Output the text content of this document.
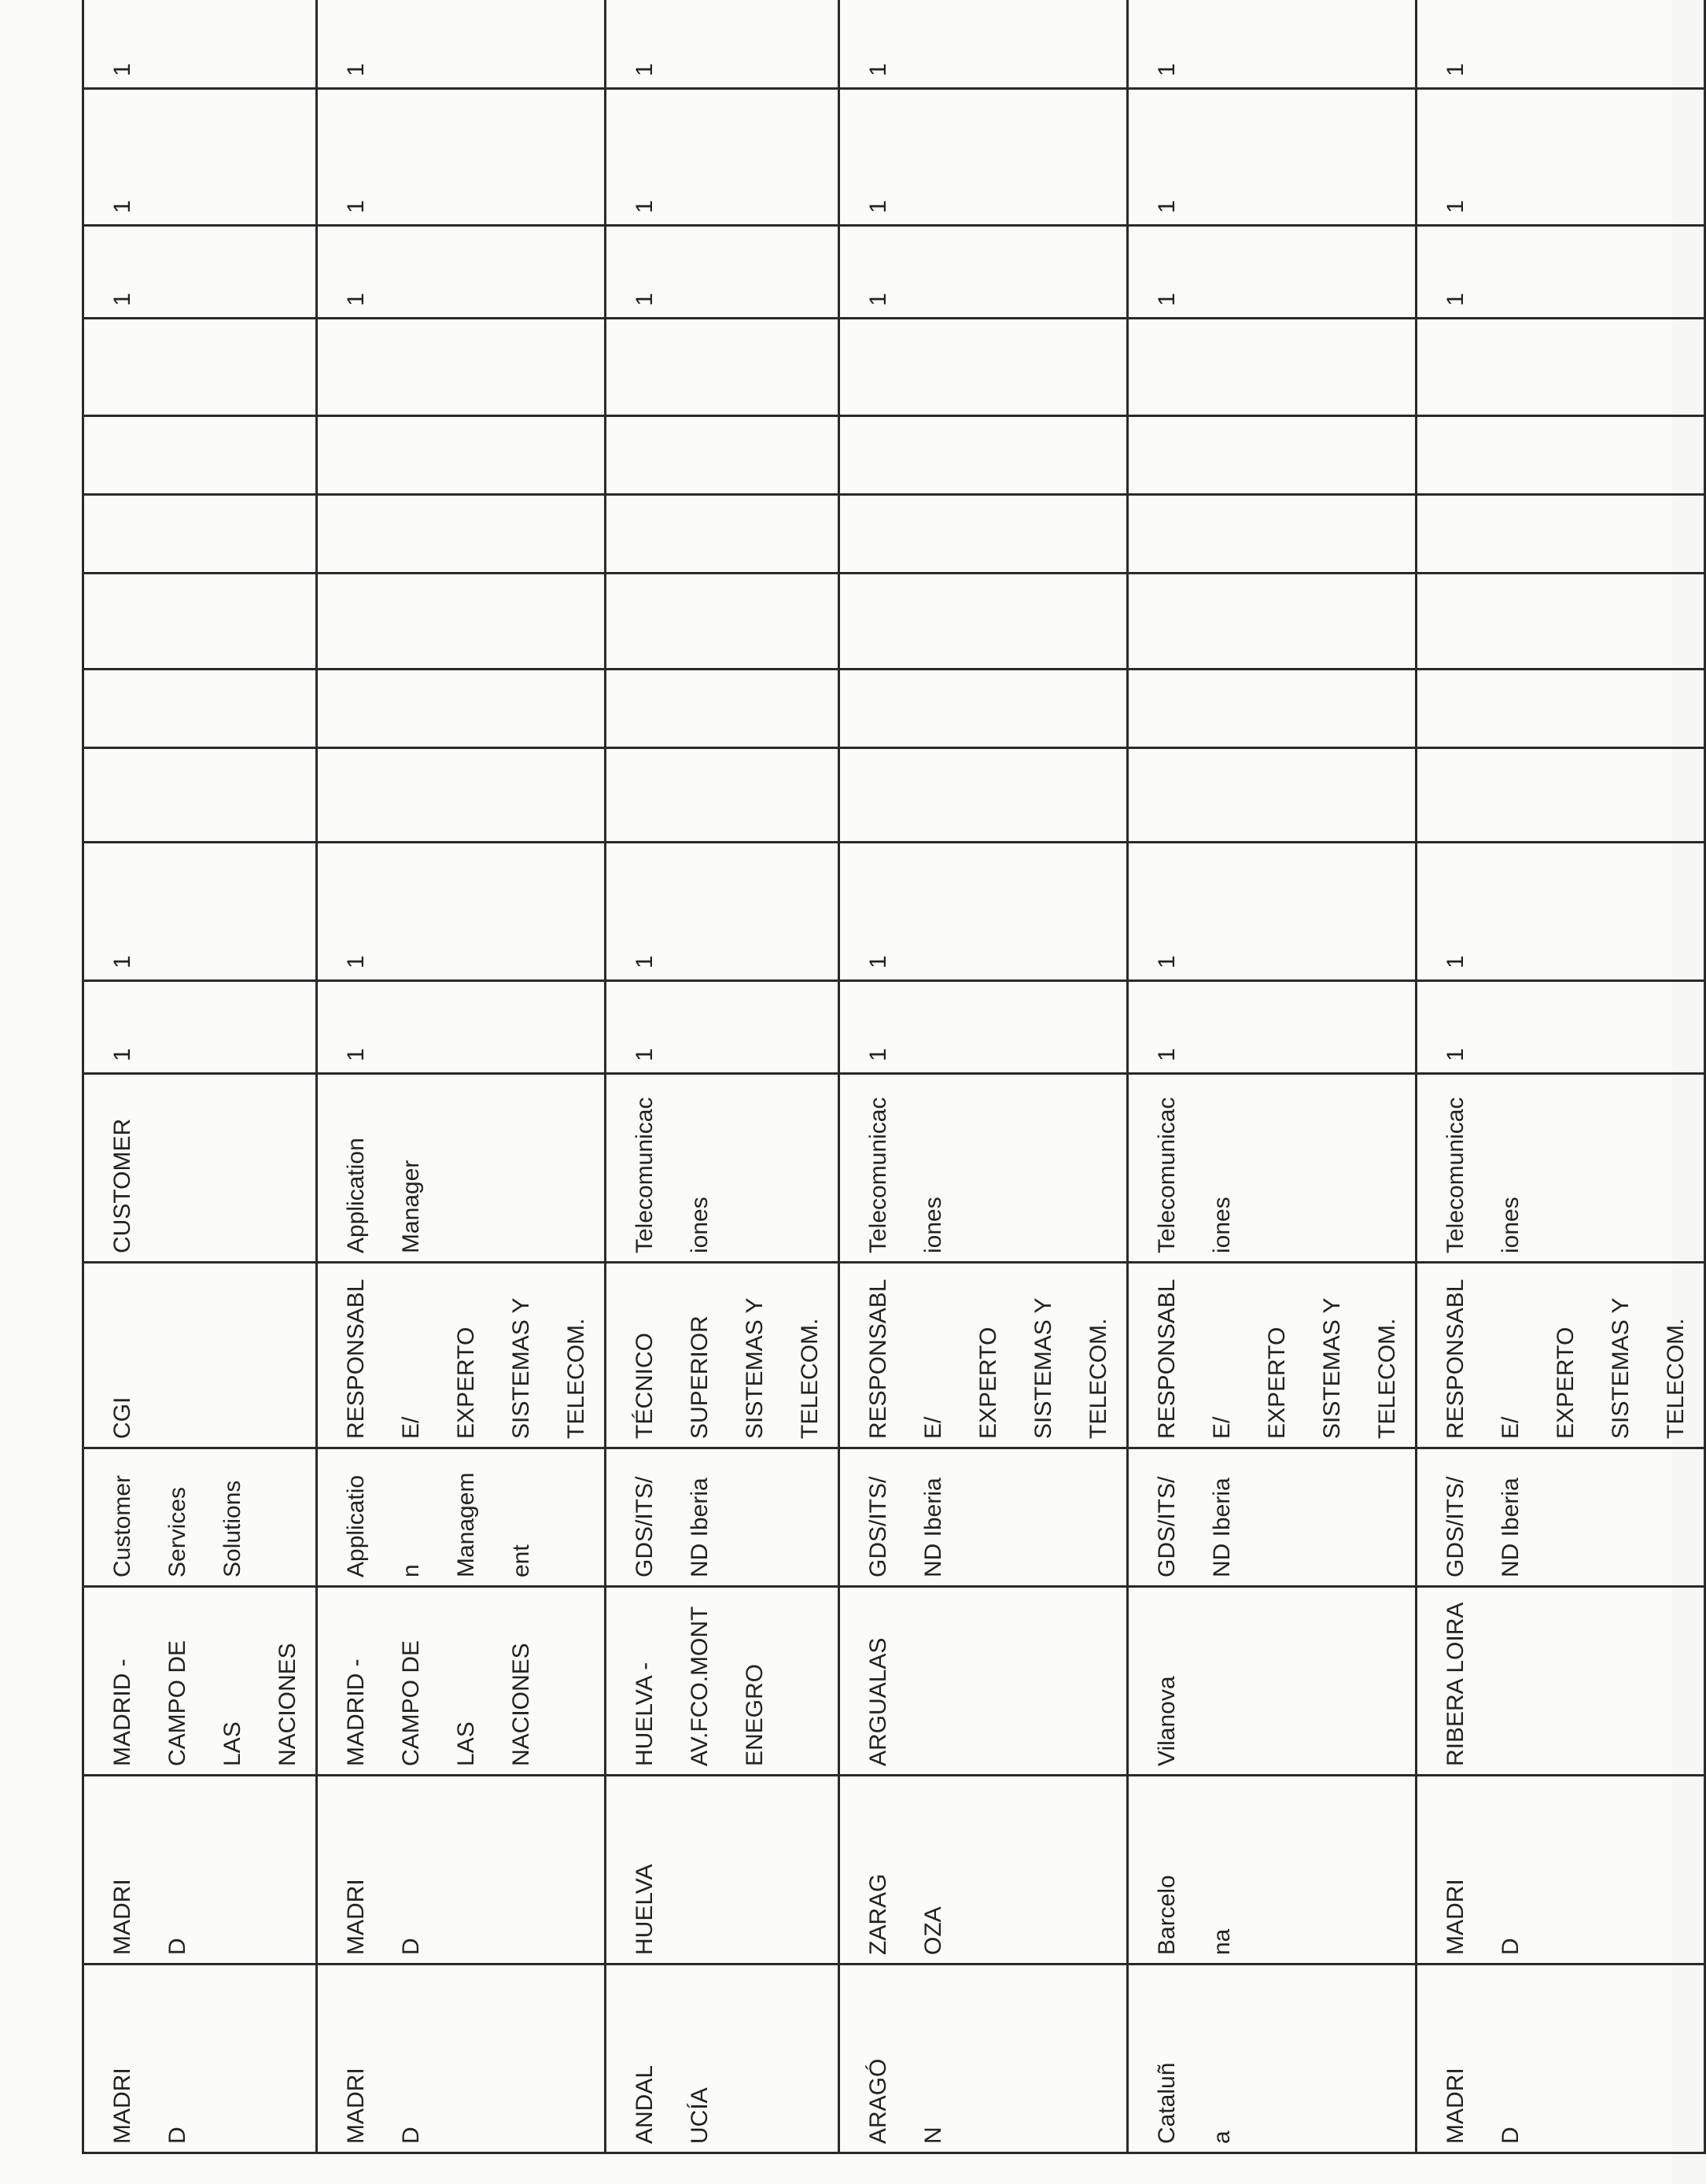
MADRI D	MADRI D	MADRID - CAMPO DE LAS NACIONES	Customer Services Solutions	CGI	CUSTOMER	1	1							1	1	1

MADRI D	MADRI D	MADRID - CAMPO DE LAS NACIONES	Applicatio n Managem ent	RESPONSABLE/ EXPERTO SISTEMAS Y TELECOM.	Application Manager	1	1							1	1	1

ANDAL UCÍA	HUELVA	HUELVA - AV.FCO.MONT ENEGRO	GDS/ITS/ ND Iberia	TÉCNICO SUPERIOR SISTEMAS Y TELECOM.	Telecomunicac iones	1	1							1	1	1

ARAGÓ N	ZARAG OZA	ARGUALAS	GDS/ITS/ ND Iberia	RESPONSABLE/ EXPERTO SISTEMAS Y TELECOM.	Telecomunicac iones	1	1							1	1	1

Cataluñ a	Barcelo na	Vilanova	GDS/ITS/ ND Iberia	RESPONSABLE/ EXPERTO SISTEMAS Y TELECOM.	Telecomunicac iones	1	1							1	1	1

MADRI D	MADRI D	RIBERA LOIRA	GDS/ITS/ ND Iberia	RESPONSABLE/ EXPERTO SISTEMAS Y TELECOM.	Telecomunicac iones	1	1							1	1	1
